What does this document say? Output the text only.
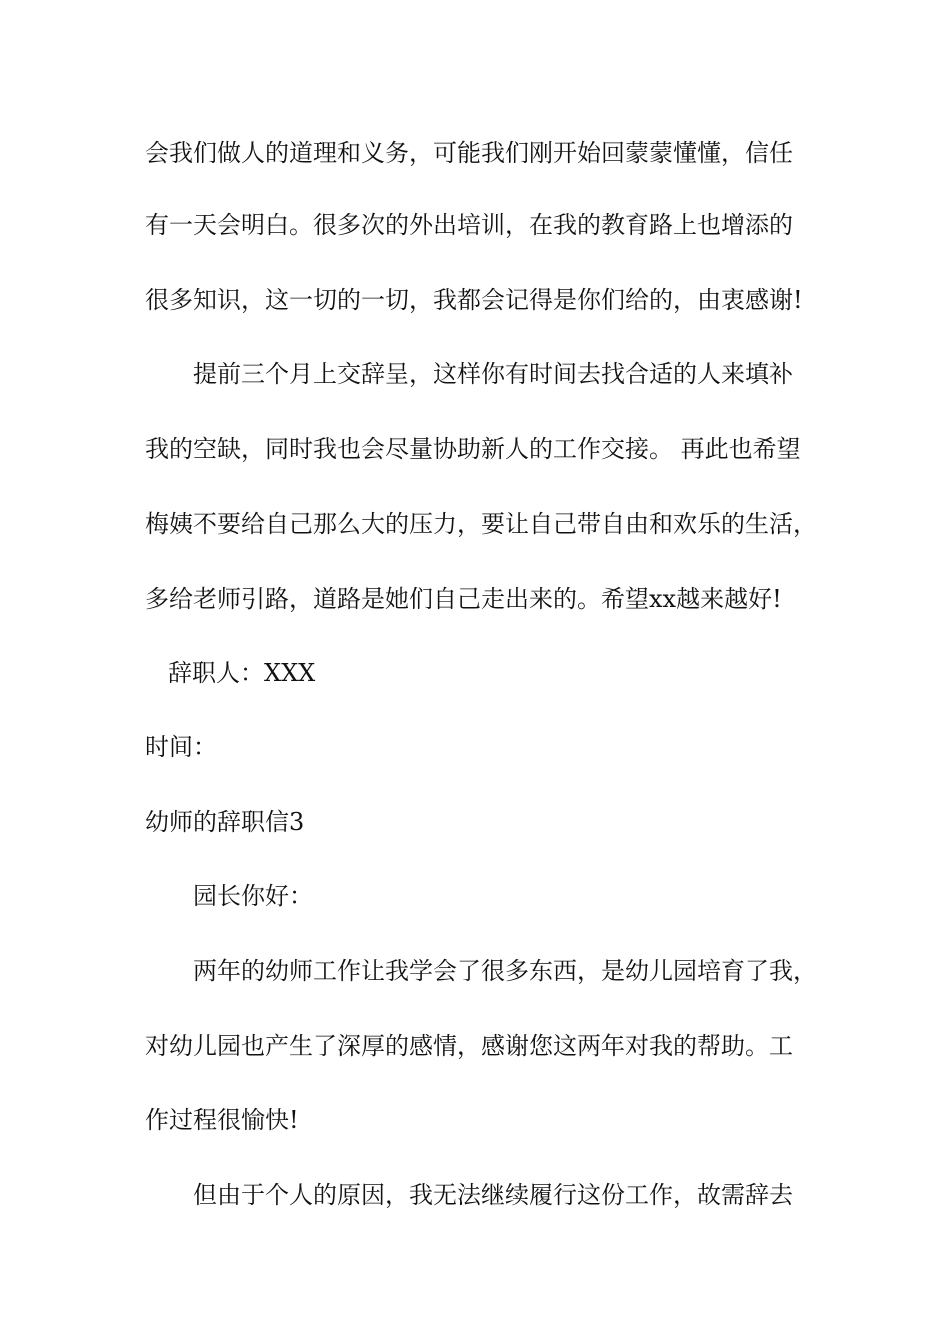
会我们做人的道理和义务，可能我们刚开始回蒙蒙懂懂，信任
有一天会明白。很多次的外出培训，在我的教育路上也增添的
很多知识，这一切的一切，我都会记得是你们给的，由衷感谢!
提前三个月上交辞呈，这样你有时间去找合适的人来填补
我的空缺，同时我也会尽量协助新人的工作交接。 再此也希望
梅姨不要给自己那么大的压力，要让自己带自由和欢乐的生活，
多给老师引路，道路是她们自己走出来的。希望xx越来越好!
辞职人：XXX
时间：
幼师的辞职信3
园长你好：
两年的幼师工作让我学会了很多东西，是幼儿园培育了我，
对幼儿园也产生了深厚的感情，感谢您这两年对我的帮助。工
作过程很愉快!
但由于个人的原因，我无法继续履行这份工作，故需辞去
